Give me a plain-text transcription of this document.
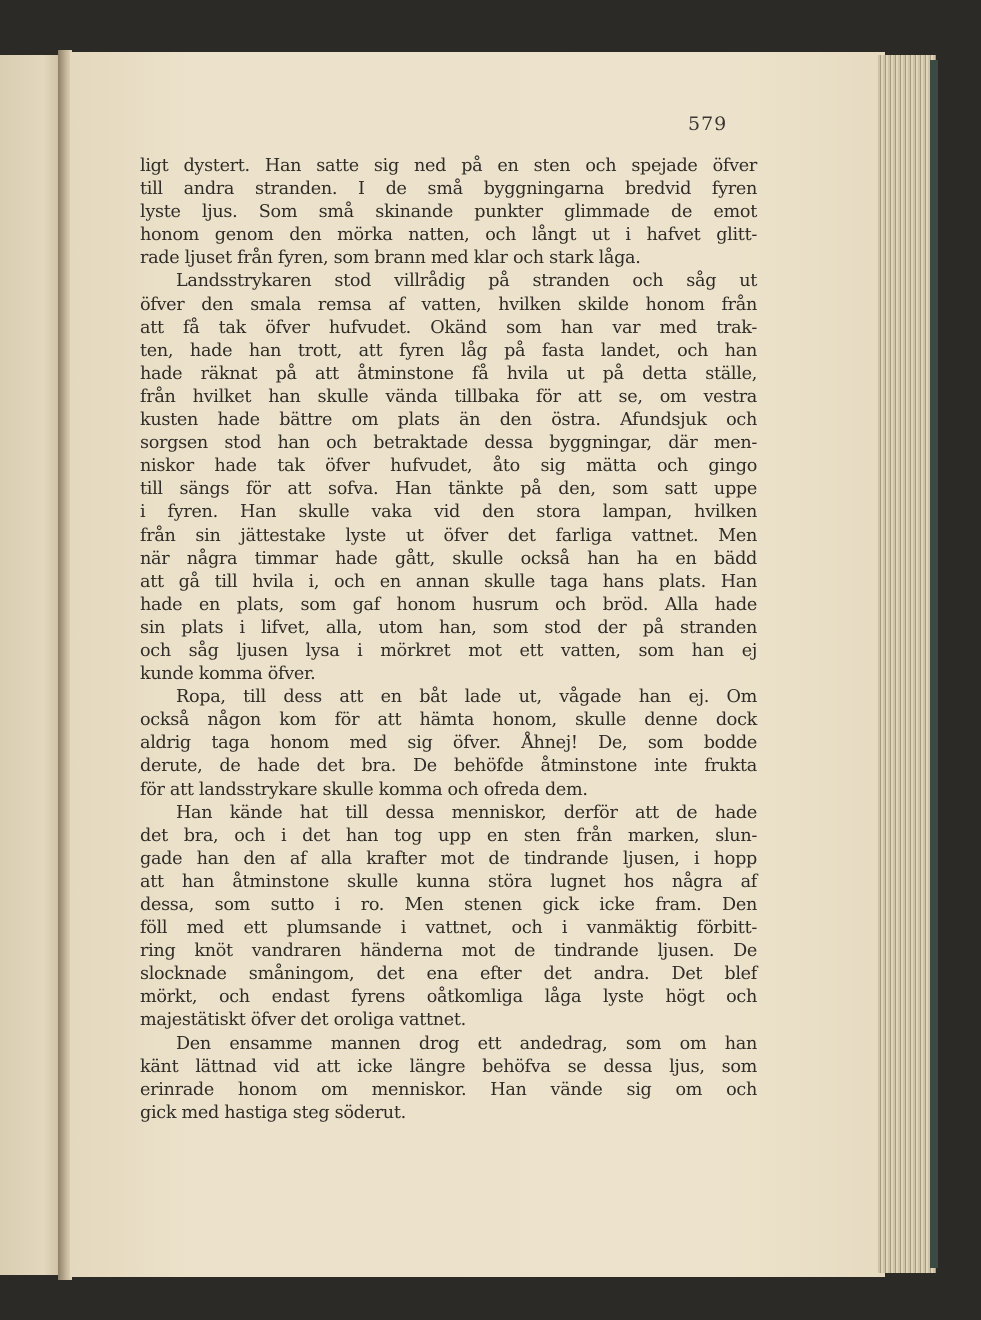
579
ligt dystert. Han satte sig ned på en sten och spejade öfver
till andra stranden. I de små byggningarna bredvid fyren
lyste ljus. Som små skinande punkter glimmade de emot
honom genom den mörka natten, och långt ut i hafvet glitt-
rade ljuset från fyren, som brann med klar och stark låga.
Landsstrykaren stod villrådig på stranden och såg ut
öfver den smala remsa af vatten, hvilken skilde honom från
att få tak öfver hufvudet. Okänd som han var med trak-
ten, hade han trott, att fyren låg på fasta landet, och han
hade räknat på att åtminstone få hvila ut på detta ställe,
från hvilket han skulle vända tillbaka för att se, om vestra
kusten hade bättre om plats än den östra. Afundsjuk och
sorgsen stod han och betraktade dessa byggningar, där men-
niskor hade tak öfver hufvudet, åto sig mätta och gingo
till sängs för att sofva. Han tänkte på den, som satt uppe
i fyren. Han skulle vaka vid den stora lampan, hvilken
från sin jättestake lyste ut öfver det farliga vattnet. Men
när några timmar hade gått, skulle också han ha en bädd
att gå till hvila i, och en annan skulle taga hans plats. Han
hade en plats, som gaf honom husrum och bröd. Alla hade
sin plats i lifvet, alla, utom han, som stod der på stranden
och såg ljusen lysa i mörkret mot ett vatten, som han ej
kunde komma öfver.
Ropa, till dess att en båt lade ut, vågade han ej. Om
också någon kom för att hämta honom, skulle denne dock
aldrig taga honom med sig öfver. Åhnej! De, som bodde
derute, de hade det bra. De behöfde åtminstone inte frukta
för att landsstrykare skulle komma och ofreda dem.
Han kände hat till dessa menniskor, derför att de hade
det bra, och i det han tog upp en sten från marken, slun-
gade han den af alla krafter mot de tindrande ljusen, i hopp
att han åtminstone skulle kunna störa lugnet hos några af
dessa, som sutto i ro. Men stenen gick icke fram. Den
föll med ett plumsande i vattnet, och i vanmäktig förbitt-
ring knöt vandraren händerna mot de tindrande ljusen. De
slocknade småningom, det ena efter det andra. Det blef
mörkt, och endast fyrens oåtkomliga låga lyste högt och
majestätiskt öfver det oroliga vattnet.
Den ensamme mannen drog ett andedrag, som om han
känt lättnad vid att icke längre behöfva se dessa ljus, som
erinrade honom om menniskor. Han vände sig om och
gick med hastiga steg söderut.
